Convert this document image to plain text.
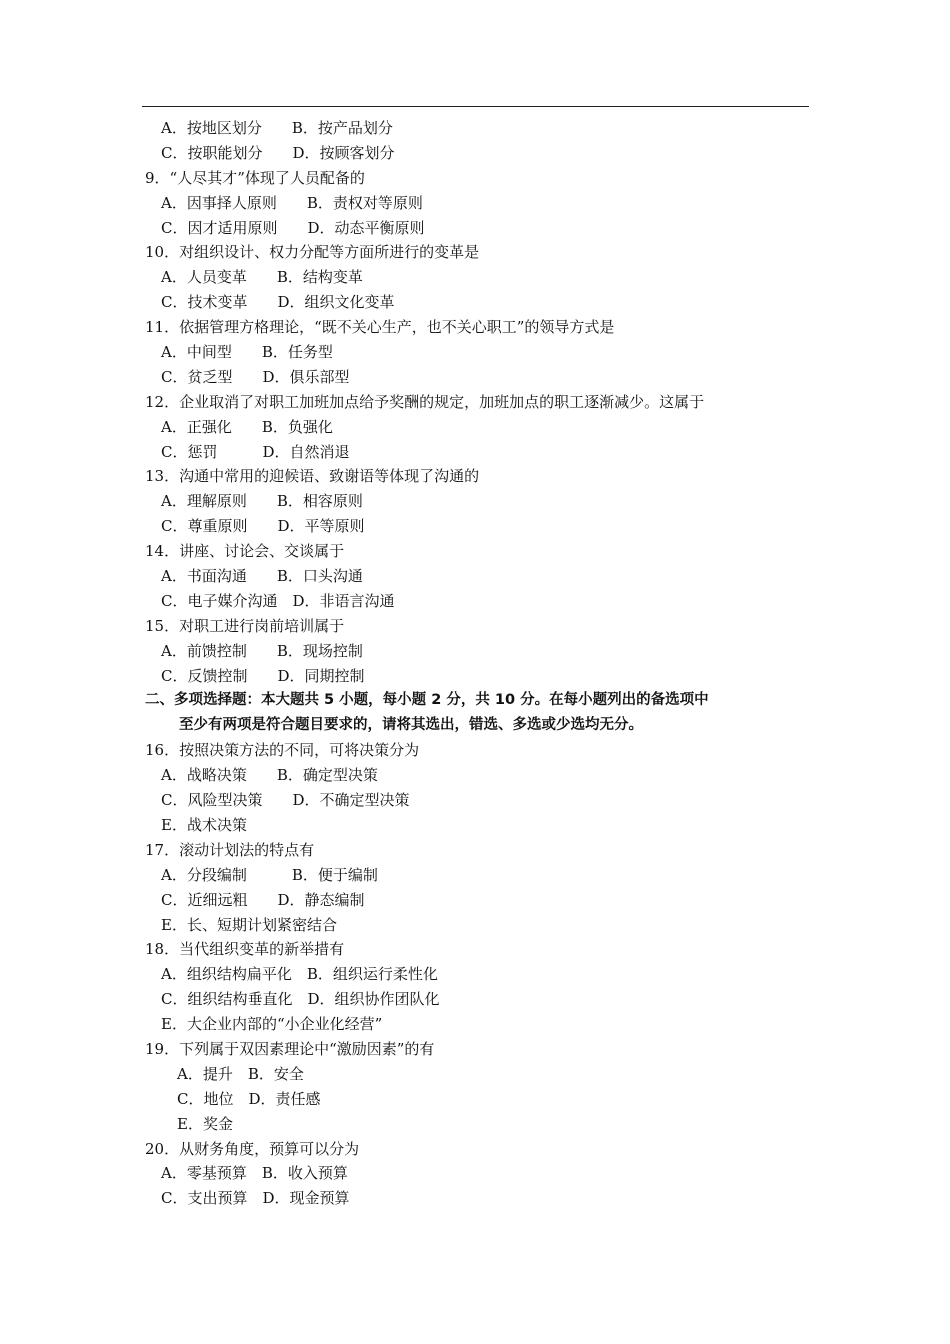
A．按地区划分　　B．按产品划分
C．按职能划分　　D．按顾客划分
9．“人尽其才”体现了人员配备的
A．因事择人原则　　B．责权对等原则
C．因才适用原则　　D．动态平衡原则
10．对组织设计、权力分配等方面所进行的变革是
A．人员变革　　B．结构变革
C．技术变革　　D．组织文化变革
11．依据管理方格理论，“既不关心生产，也不关心职工”的领导方式是
A．中间型　　B．任务型
C．贫乏型　　D．俱乐部型
12．企业取消了对职工加班加点给予奖酬的规定，加班加点的职工逐渐减少。这属于
A．正强化　　B．负强化
C．惩罚　　　D．自然消退
13．沟通中常用的迎候语、致谢语等体现了沟通的
A．理解原则　　B．相容原则
C．尊重原则　　D．平等原则
14．讲座、讨论会、交谈属于
A．书面沟通　　B．口头沟通
C．电子媒介沟通　D．非语言沟通
15．对职工进行岗前培训属于
A．前馈控制　　B．现场控制
C．反馈控制　　D．同期控制
二、多项选择题：本大题共 5 小题，每小题 2 分，共 10 分。在每小题列出的备选项中
至少有两项是符合题目要求的，请将其选出，错选、多选或少选均无分。
16．按照决策方法的不同，可将决策分为
A．战略决策　　B．确定型决策
C．风险型决策　　D．不确定型决策
E．战术决策
17．滚动计划法的特点有
A．分段编制　　　B．便于编制
C．近细远粗　　D．静态编制
E．长、短期计划紧密结合
18．当代组织变革的新举措有
A．组织结构扁平化　B．组织运行柔性化
C．组织结构垂直化　D．组织协作团队化
E．大企业内部的“小企业化经营”
19．下列属于双因素理论中“激励因素”的有
A．提升　B．安全
C．地位　D．责任感
E．奖金
20．从财务角度，预算可以分为
A．零基预算　B．收入预算
C．支出预算　D．现金预算
